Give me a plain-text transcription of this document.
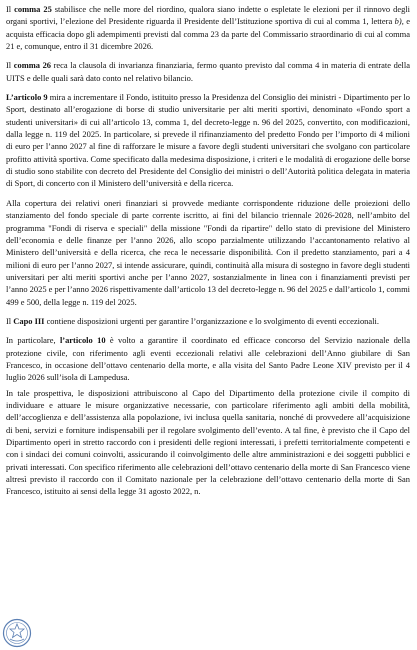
Il comma 25 stabilisce che nelle more del riordino, qualora siano indette o espletate le elezioni per il rinnovo degli organi sportivi, l’elezione del Presidente riguarda il Presidente dell’Istituzione sportiva di cui al comma 1, lettera b), e acquista efficacia dopo gli adempimenti previsti dal comma 23 da parte del Commissario straordinario di cui al comma 21 e, comunque, entro il 31 dicembre 2026.

Il comma 26 reca la clausola di invarianza finanziaria, fermo quanto previsto dal comma 4 in materia di entrate della UITS e delle quali sarà dato conto nel relativo bilancio.

L’articolo 9 mira a incrementare il Fondo, istituito presso la Presidenza del Consiglio dei ministri - Dipartimento per lo Sport, destinato all’erogazione di borse di studio universitarie per alti meriti sportivi, denominato «Fondo sport a studenti universitari» di cui all’articolo 13, comma 1, del decreto-legge n. 96 del 2025, convertito, con modificazioni, dalla legge n. 119 del 2025. In particolare, si prevede il rifinanziamento del predetto Fondo per l’importo di 4 milioni di euro per l’anno 2027 al fine di rafforzare le misure a favore degli studenti universitari che svolgano con particolare profitto attività sportiva. Come specificato dalla medesima disposizione, i criteri e le modalità di erogazione delle borse di studio sono stabilite con decreto del Presidente del Consiglio dei ministri o dell’Autorità politica delegata in materia di Sport, di concerto con il Ministero dell’università e della ricerca.

Alla copertura dei relativi oneri finanziari si provvede mediante corrispondente riduzione delle proiezioni dello stanziamento del fondo speciale di parte corrente iscritto, ai fini del bilancio triennale 2026-2028, nell’ambito del programma "Fondi di riserva e speciali" della missione "Fondi da ripartire" dello stato di previsione del Ministero dell’economia e delle finanze per l’anno 2026, allo scopo parzialmente utilizzando l’accantonamento relativo al Ministero dell’università e della ricerca, che reca le necessarie disponibilità. Con il predetto stanziamento, pari a 4 milioni di euro per l’anno 2027, si intende assicurare, quindi, continuità alla misura di sostegno in favore degli studenti universitari per alti meriti sportivi anche per l’anno 2027, sostanzialmente in linea con i finanziamenti previsti per l’anno 2025 e per l’anno 2026 rispettivamente dall’articolo 13 del decreto-legge n. 96 del 2025 e dall’articolo 1, commi 499 e 500, della legge n. 119 del 2025.

Il Capo III contiene disposizioni urgenti per garantire l’organizzazione e lo svolgimento di eventi eccezionali.

In particolare, l’articolo 10 è volto a garantire il coordinato ed efficace concorso del Servizio nazionale della protezione civile, con riferimento agli eventi eccezionali relativi alle celebrazioni dell’Anno giubilare di San Francesco, in occasione dell’ottavo centenario della morte, e alla visita del Santo Padre Leone XIV previsto per il 4 luglio 2026 sull’isola di Lampedusa.

In tale prospettiva, le disposizioni attribuiscono al Capo del Dipartimento della protezione civile il compito di individuare e attuare le misure organizzative necessarie, con particolare riferimento agli ambiti della mobilità, dell’accoglienza e dell’assistenza alla popolazione, ivi inclusa quella sanitaria, nonché di provvedere all’acquisizione di beni, servizi e forniture indispensabili per il regolare svolgimento dell’evento. A tal fine, è previsto che il Capo del Dipartimento operi in stretto raccordo con i presidenti delle regioni interessati, i prefetti territorialmente competenti e con i sindaci dei comuni coinvolti, assicurando il coinvolgimento delle altre amministrazioni e dei soggetti pubblici e privati interessati. Con specifico riferimento alle celebrazioni dell’ottavo centenario della morte di San Francesco viene altresì previsto il raccordo con il Comitato nazionale per la celebrazione dell’ottavo centenario della morte di San Francesco, istituito ai sensi della legge 31 agosto 2022, n.
